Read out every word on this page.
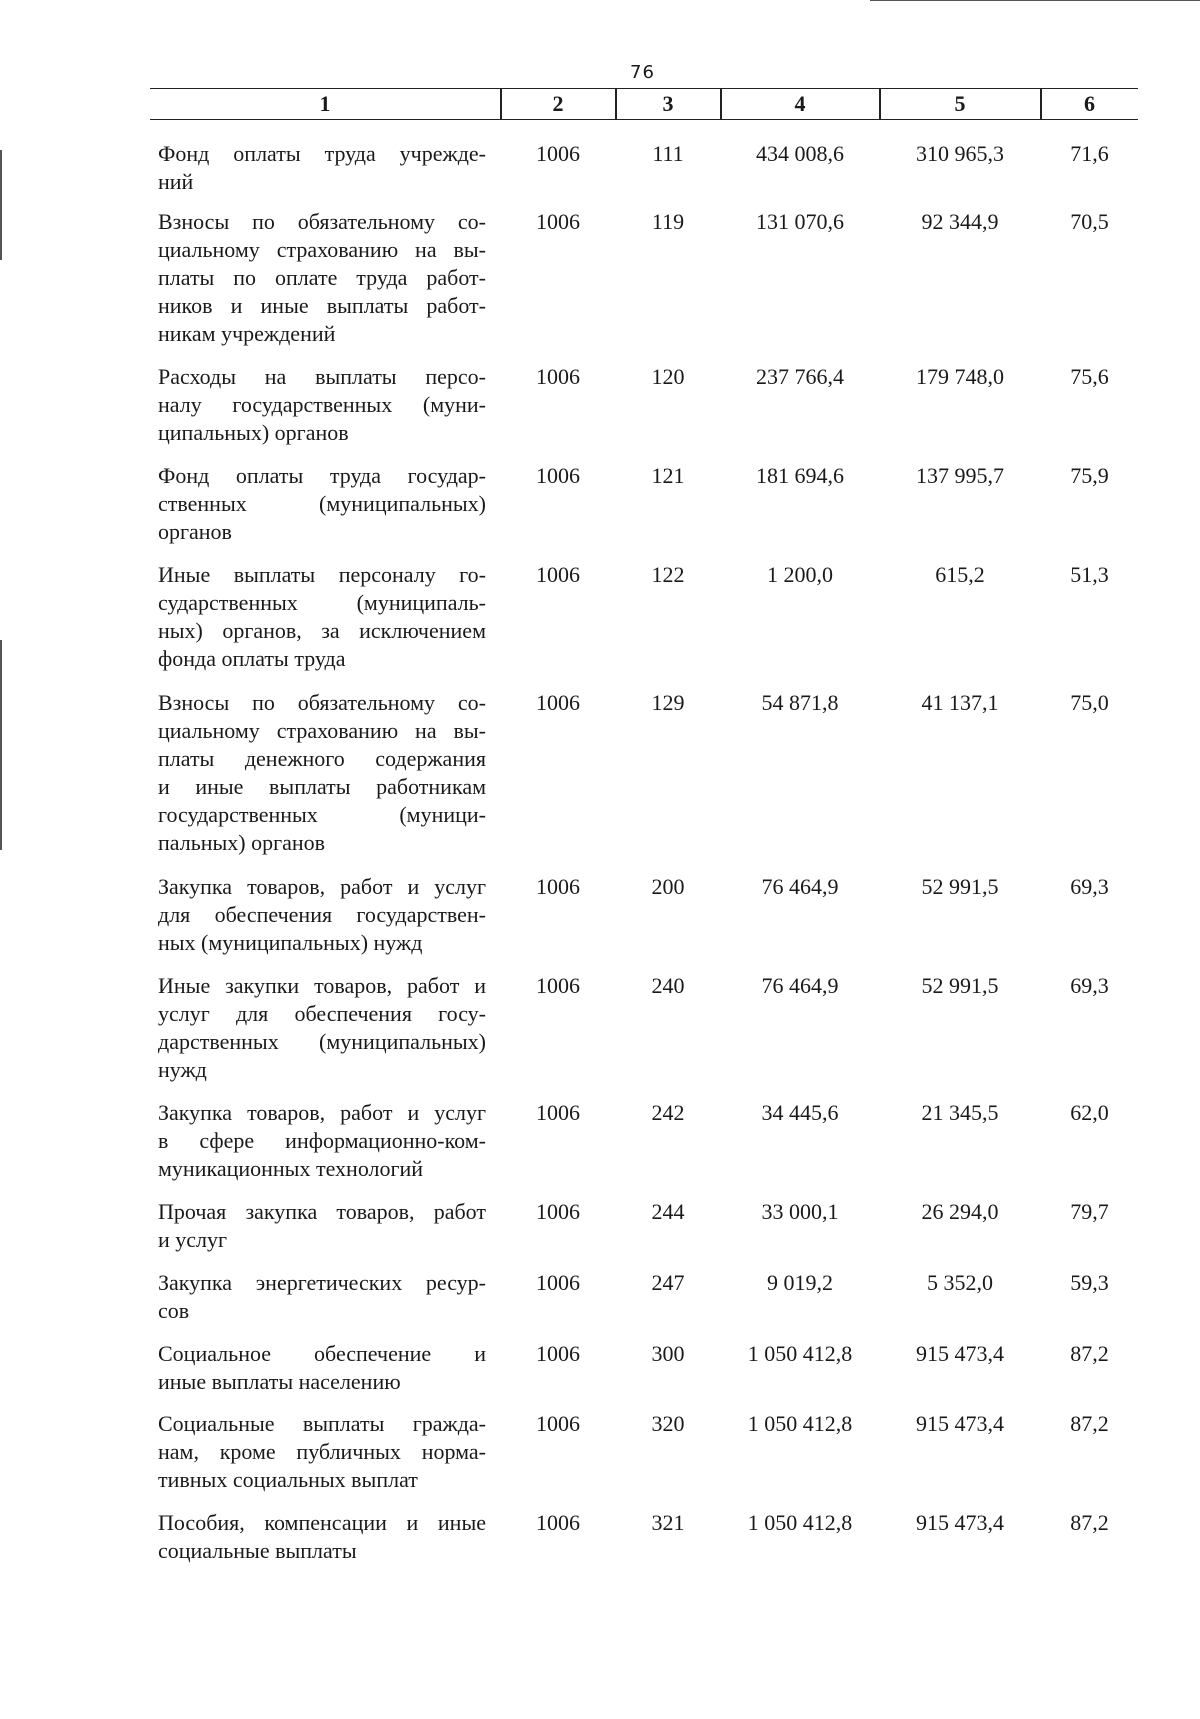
76
1	2	3	4	5	6
Фонд оплаты труда учрежде-
ний
1006	111	434 008,6	310 965,3	71,6
Взносы по обязательному со-
циальному страхованию на вы-
платы по оплате труда работ-
ников и иные выплаты работ-
никам учреждений
1006	119	131 070,6	92 344,9	70,5
Расходы на выплаты персо-
налу государственных (муни-
ципальных) органов
1006	120	237 766,4	179 748,0	75,6
Фонд оплаты труда государ-
ственных (муниципальных)
органов
1006	121	181 694,6	137 995,7	75,9
Иные выплаты персоналу го-
сударственных (муниципаль-
ных) органов, за исключением
фонда оплаты труда
1006	122	1 200,0	615,2	51,3
Взносы по обязательному со-
циальному страхованию на вы-
платы денежного содержания
и иные выплаты работникам
государственных (муници-
пальных) органов
1006	129	54 871,8	41 137,1	75,0
Закупка товаров, работ и услуг
для обеспечения государствен-
ных (муниципальных) нужд
1006	200	76 464,9	52 991,5	69,3
Иные закупки товаров, работ и
услуг для обеспечения госу-
дарственных (муниципальных)
нужд
1006	240	76 464,9	52 991,5	69,3
Закупка товаров, работ и услуг
в сфере информационно-ком-
муникационных технологий
1006	242	34 445,6	21 345,5	62,0
Прочая закупка товаров, работ
и услуг
1006	244	33 000,1	26 294,0	79,7
Закупка энергетических ресур-
сов
1006	247	9 019,2	5 352,0	59,3
Социальное обеспечение и
иные выплаты населению
1006	300	1 050 412,8	915 473,4	87,2
Социальные выплаты гражда-
нам, кроме публичных норма-
тивных социальных выплат
1006	320	1 050 412,8	915 473,4	87,2
Пособия, компенсации и иные
социальные выплаты
1006	321	1 050 412,8	915 473,4	87,2
